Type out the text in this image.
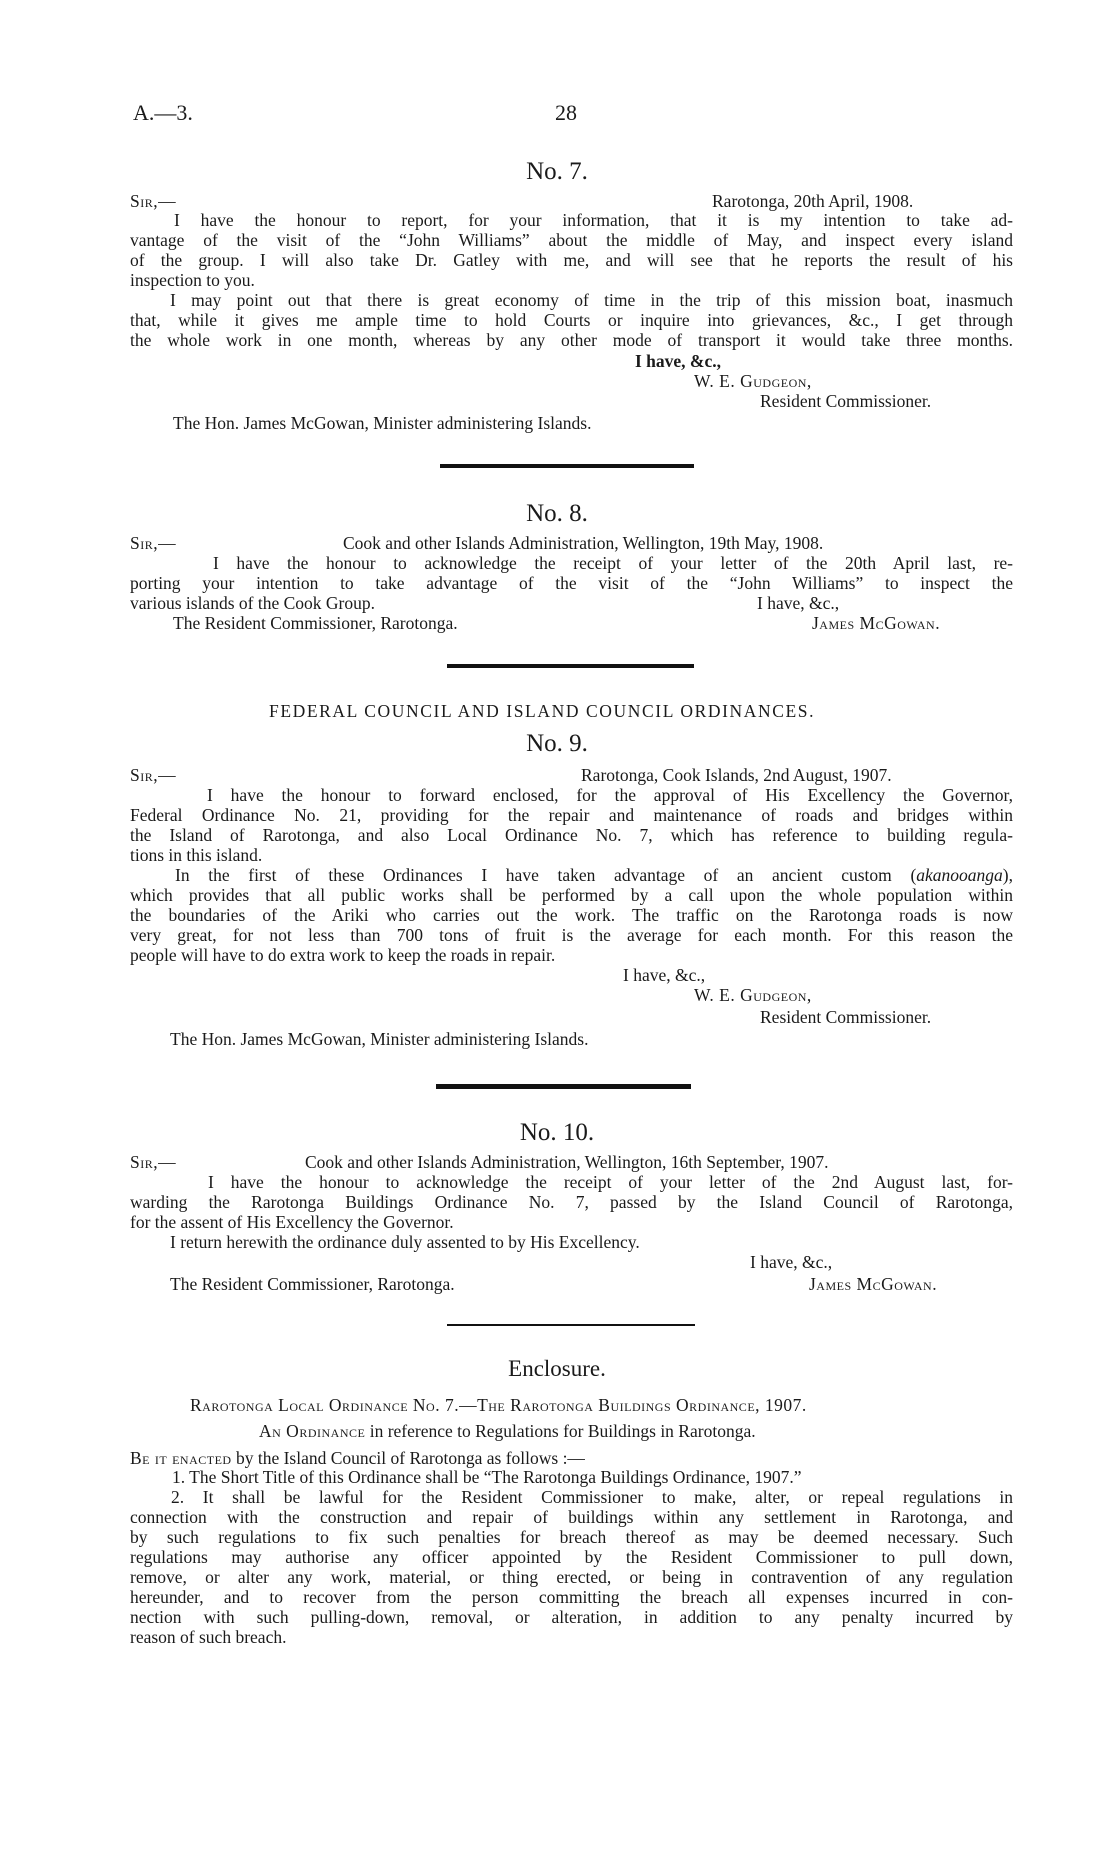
A.—3.	28
No. 7.
Sir,—	Rarotonga, 20th April, 1908.
I have the honour to report, for your information, that it is my intention to take ad-
vantage of the visit of the “John Williams” about the middle of May, and inspect every island
of the group. I will also take Dr. Gatley with me, and will see that he reports the result of his
inspection to you.
I may point out that there is great economy of time in the trip of this mission boat, inasmuch
that, while it gives me ample time to hold Courts or inquire into grievances, &c., I get through
the whole work in one month, whereas by any other mode of transport it would take three months.
I have, &c.,
W. E. Gudgeon,
Resident Commissioner.
The Hon. James McGowan, Minister administering Islands.
No. 8.
Sir,—	Cook and other Islands Administration, Wellington, 19th May, 1908.
I have the honour to acknowledge the receipt of your letter of the 20th April last, re-
porting your intention to take advantage of the visit of the “John Williams” to inspect the
various islands of the Cook Group.	I have, &c.,
The Resident Commissioner, Rarotonga.	James McGowan.
FEDERAL COUNCIL AND ISLAND COUNCIL ORDINANCES.
No. 9.
Sir,—	Rarotonga, Cook Islands, 2nd August, 1907.
I have the honour to forward enclosed, for the approval of His Excellency the Governor,
Federal Ordinance No. 21, providing for the repair and maintenance of roads and bridges within
the Island of Rarotonga, and also Local Ordinance No. 7, which has reference to building regula-
tions in this island.
In the first of these Ordinances I have taken advantage of an ancient custom (akanooanga),
which provides that all public works shall be performed by a call upon the whole population within
the boundaries of the Ariki who carries out the work. The traffic on the Rarotonga roads is now
very great, for not less than 700 tons of fruit is the average for each month. For this reason the
people will have to do extra work to keep the roads in repair.
I have, &c.,
W. E. Gudgeon,
Resident Commissioner.
The Hon. James McGowan, Minister administering Islands.
No. 10.
Sir,—	Cook and other Islands Administration, Wellington, 16th September, 1907.
I have the honour to acknowledge the receipt of your letter of the 2nd August last, for-
warding the Rarotonga Buildings Ordinance No. 7, passed by the Island Council of Rarotonga,
for the assent of His Excellency the Governor.
I return herewith the ordinance duly assented to by His Excellency.
I have, &c.,
The Resident Commissioner, Rarotonga.	James McGowan.
Enclosure.
Rarotonga Local Ordinance No. 7.—The Rarotonga Buildings Ordinance, 1907.
An Ordinance in reference to Regulations for Buildings in Rarotonga.
Be it enacted by the Island Council of Rarotonga as follows :—
1. The Short Title of this Ordinance shall be “The Rarotonga Buildings Ordinance, 1907.”
2. It shall be lawful for the Resident Commissioner to make, alter, or repeal regulations in
connection with the construction and repair of buildings within any settlement in Rarotonga, and
by such regulations to fix such penalties for breach thereof as may be deemed necessary. Such
regulations may authorise any officer appointed by the Resident Commissioner to pull down,
remove, or alter any work, material, or thing erected, or being in contravention of any regulation
hereunder, and to recover from the person committing the breach all expenses incurred in con-
nection with such pulling-down, removal, or alteration, in addition to any penalty incurred by
reason of such breach.
